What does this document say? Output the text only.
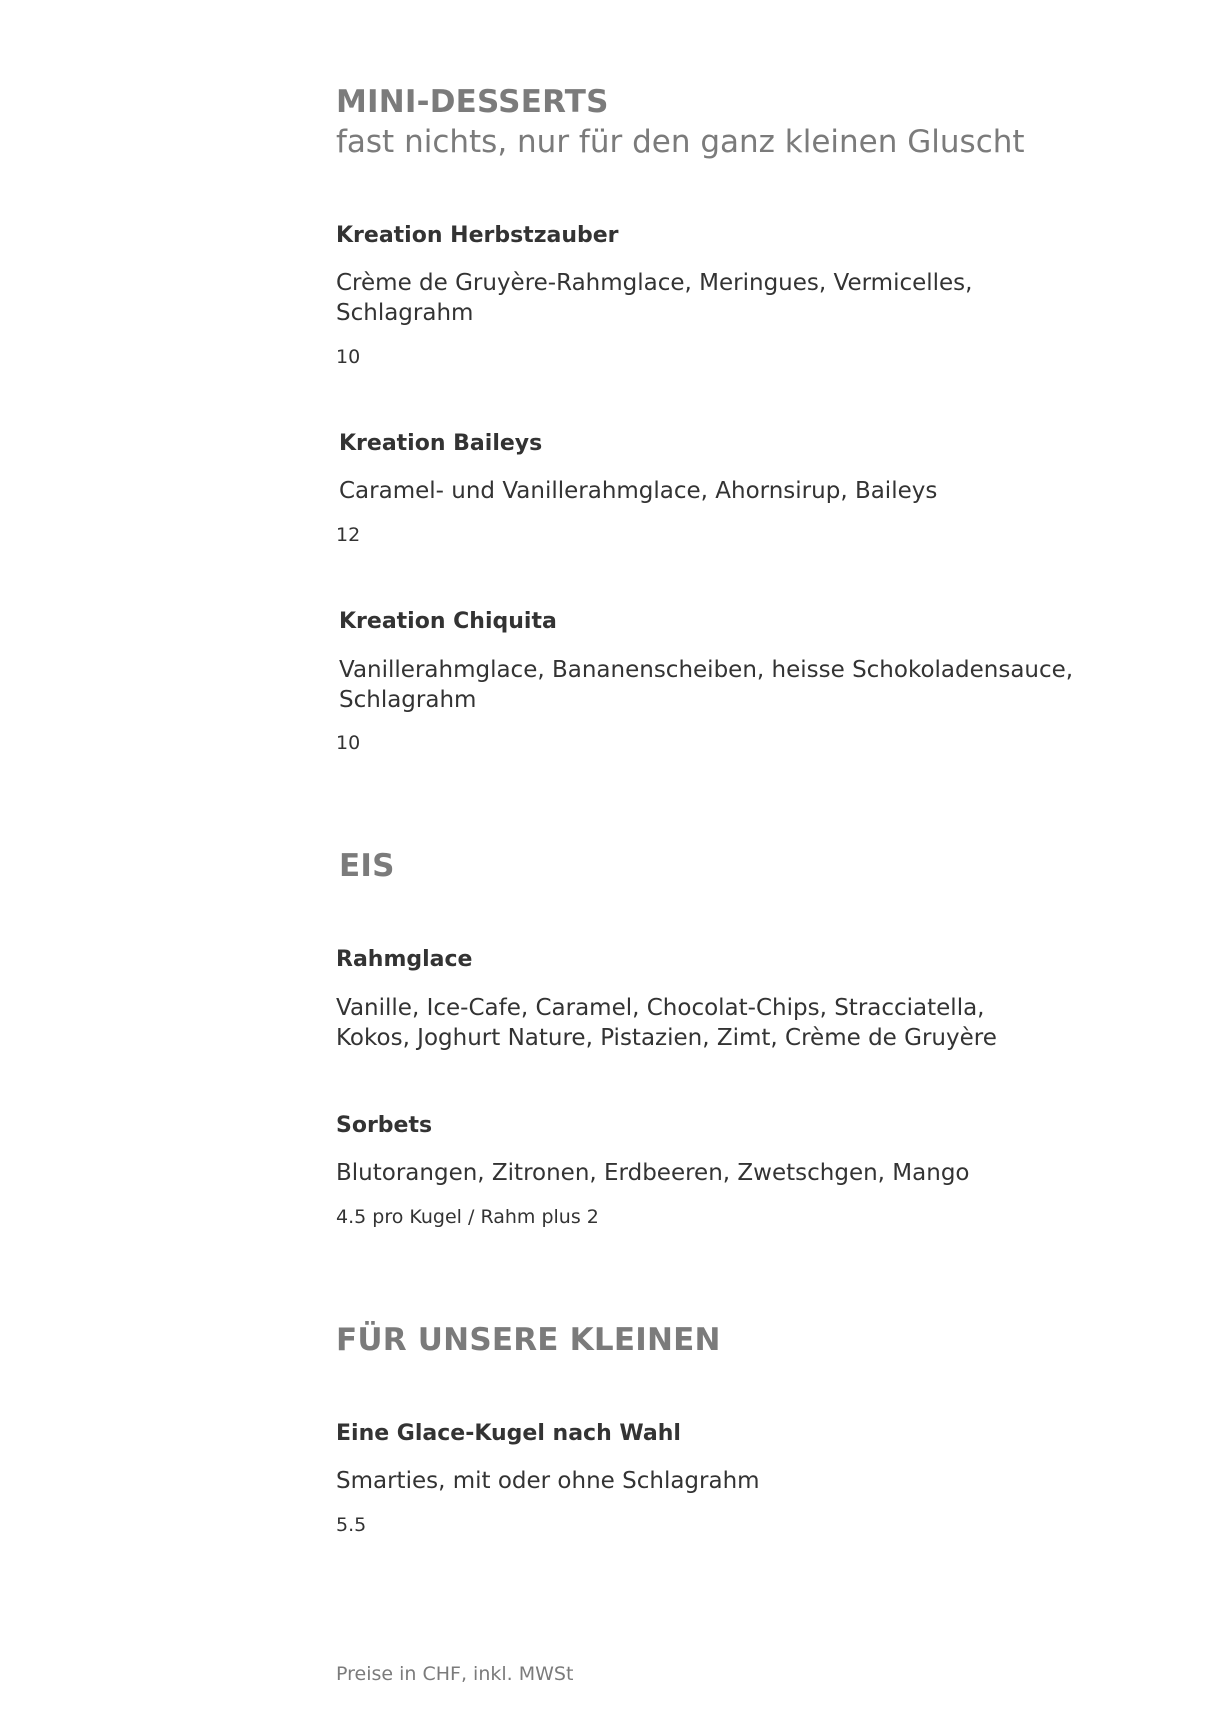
MINI-DESSERTS
fast nichts, nur für den ganz kleinen Gluscht
Kreation Herbstzauber
Crème de Gruyère-Rahmglace, Meringues, Vermicelles,
Schlagrahm
10
Kreation Baileys
Caramel- und Vanillerahmglace, Ahornsirup, Baileys
12
Kreation Chiquita
Vanillerahmglace, Bananenscheiben, heisse Schokoladensauce,
Schlagrahm
10
EIS
Rahmglace
Vanille, Ice-Cafe, Caramel, Chocolat-Chips, Stracciatella,
Kokos, Joghurt Nature, Pistazien, Zimt, Crème de Gruyère
Sorbets
Blutorangen, Zitronen, Erdbeeren, Zwetschgen, Mango
4.5 pro Kugel / Rahm plus 2
FÜR UNSERE KLEINEN
Eine Glace-Kugel nach Wahl
Smarties, mit oder ohne Schlagrahm
5.5
Preise in CHF, inkl. MWSt
